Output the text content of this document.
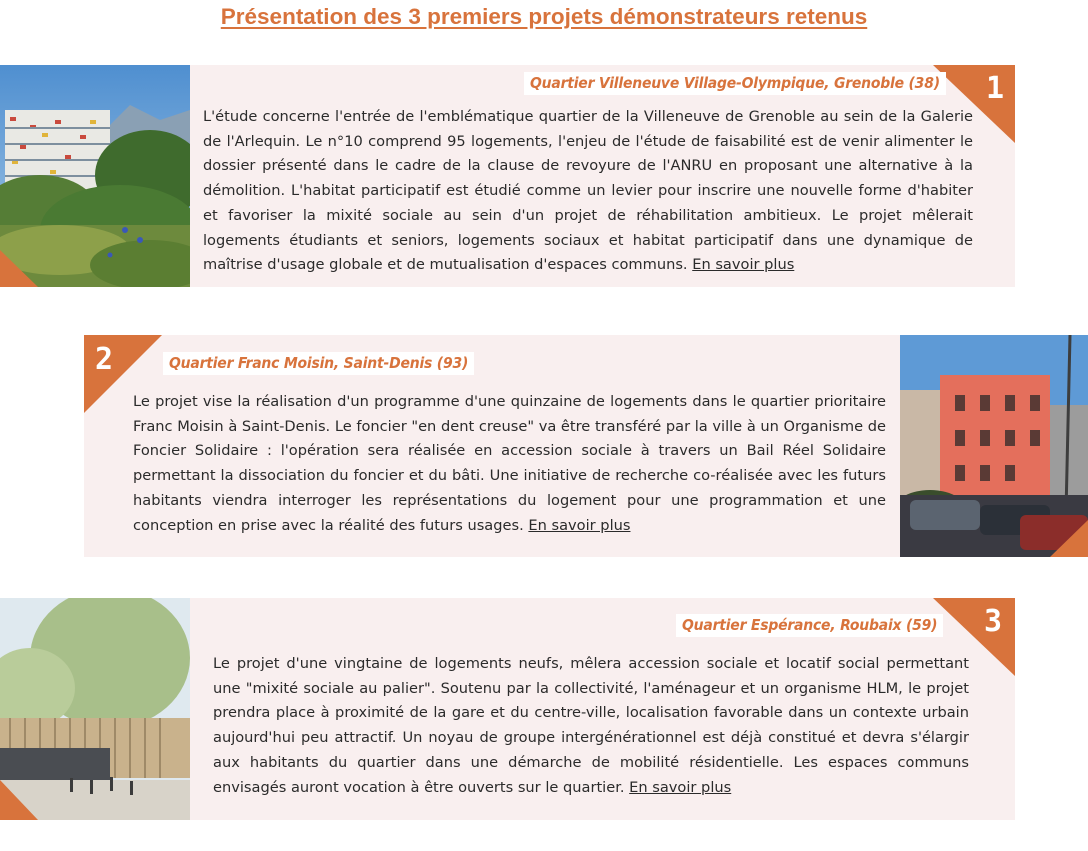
Présentation des 3 premiers projets démonstrateurs retenus
1
Quartier Villeneuve Village-Olympique, Grenoble (38)

L'étude concerne l'entrée de l'emblématique quartier de la Villeneuve de Grenoble au sein de la Galerie de l'Arlequin. Le n°10 comprend 95 logements, l'enjeu de l'étude de faisabilité est de venir alimenter le dossier présenté dans le cadre de la clause de revoyure de l'ANRU en proposant une alternative à la démolition. L'habitat participatif est étudié comme un levier pour inscrire une nouvelle forme d'habiter et favoriser la mixité sociale au sein d'un projet de réhabilitation ambitieux. Le projet mêlerait logements étudiants et seniors, logements sociaux et habitat participatif dans une dynamique de maîtrise d'usage globale et de mutualisation d'espaces communs. En savoir plus

2	Quartier Franc Moisin, Saint-Denis (93)

Le projet vise la réalisation d'un programme d'une quinzaine de logements dans le quartier prioritaire Franc Moisin à Saint-Denis. Le foncier "en dent creuse" va être transféré par la ville à un Organisme de Foncier Solidaire : l'opération sera réalisée en accession sociale à travers un Bail Réel Solidaire permettant la dissociation du foncier et du bâti. Une initiative de recherche co-réalisée avec les futurs habitants viendra interroger les représentations du logement pour une programmation et une conception en prise avec la réalité des futurs usages. En savoir plus

3
Quartier Espérance, Roubaix (59)

Le projet d'une vingtaine de logements neufs, mêlera accession sociale et locatif social permettant une "mixité sociale au palier". Soutenu par la collectivité, l'aménageur et un organisme HLM, le projet prendra place à proximité de la gare et du centre-ville, localisation favorable dans un contexte urbain aujourd'hui peu attractif. Un noyau de groupe intergénérationnel est déjà constitué et devra s'élargir aux habitants du quartier dans une démarche de mobilité résidentielle. Les espaces communs envisagés auront vocation à être ouverts sur le quartier. En savoir plus
